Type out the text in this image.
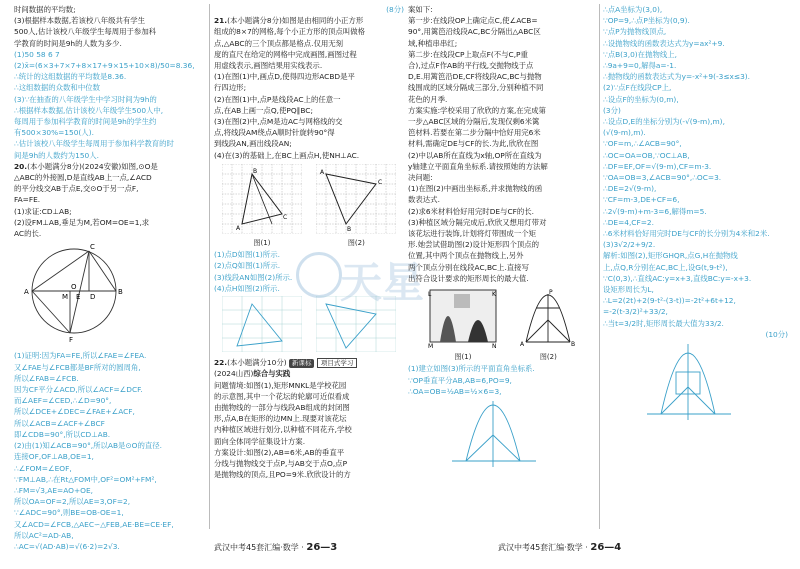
天星
时间数据的平均数;
(3)根据样本数据,若该校八年级共有学生
500人,估计该校八年级学生每周用于参加科
学教育的时间是9h的人数为多少.
(1)50 58 6 7
(2)x̄=(6×3+7×7+8×17+9×15+10×8)/50=8.36,
∴统计的这组数据的平均数是8.36.
∴这组数据的众数和中位数
(3)∵在抽查的八年级学生中学习时间为9h的
∴根据样本数据,估计该校八年级学生500人中,
每周用于参加科学教育的时间是9h的学生约
有500×30%=150(人).
∴估计该校八年级学生每周用于参加科学教育的时
间是9h的人数约为150人.
20.(本小题满分8分)(2024安徽)如图,⊙O是
△ABC的外接圆,D是直线AB上一点,∠ACD
的平分线交AB于点E,交⊙O于另一点F,
FA=FE.
(1)求证:CD⊥AB;
(2)设FM⊥AB,垂足为M,若OM=OE=1,求
AC的长.
A	B
C
D
E
M
O
F
(1)证明:因为FA=FE,所以∠FAE=∠FEA.
又∠FAE与∠FCB都是BF所对的圆周角,
所以∠FAB=∠FCB.
因为CF平分∠ACD,所以∠ACF=∠DCF.
而∠AEF=∠CED,∴∠D=90°,
所以∠DCE+∠DEC=∠FAE+∠ACF,
所以∠ACB=∠ACF+∠BCF
即∠CDB=90°,所以CD⊥AB.
(2)由(1)知∠ACB=90°,所以AB是⊙O的直径.
连接OF,OF⊥AB,OE=1,
∴∠FOM=∠EOF,
∵FM⊥AB,∴在Rt△FOM中,OF²=OM²+FM²,
∴FM=√3,AE=AO+OE,
所以OA=OF=2,所以AE=3,OF=2,
∵∠ADC=90°,则BE=OB-OE=1,
又∠ACD=∠FCB,△AEC∽△FEB,AE·BE=CE·EF,
所以AC²=AD·AB,
∴AC=√(AD·AB)=√(6·2)=2√3.
(8分)
21.(本小题满分8分)如图是由相同的小正方形
组成的8×7的网格,每个小正方形的顶点叫做格
点,△ABC的三个顶点都是格点.仅用无刻
度的直尺在给定的网格中完成画图,画图过程
用虚线表示,画图结果用实线表示.
(1)在图(1)中,画点D,使得四边形ACBD是平
行四边形;
(2)在图(1)中,点P是线段AC上的任意一
点,在AB上画一点Q,使PQ∥BC;
(3)在图(2)中,点M是边AC与网格线的交
点,将线段AM绕点A顺时针旋转90°得
到线段AN,画出线段AN;
(4)在(3)的基础上,在BC上画点H,使NH⊥AC.
A
B
C
图(1)

A
C
B
图(2)
(1)点D如图(1)所示.
(2)点Q如图(1)所示.
(3)线段AN如图(2)所示.
(4)点H如图(2)所示.

22.(本小题满分10分) 新课标 项目式学习
(2024山西)综合与实践
问题情境:如图(1),矩形MNKL是学校花园
的示意图,其中一个花坛的轮廓可近似看成
由抛物线的一部分与线段AB组成的封闭图
形,点A,B在矩形的边MN上.现要对该花坛
内种植区域进行划分,以种植不同花卉,学校
面向全体同学征集设计方案.
方案设计:如图(2),AB=6米,AB的垂直平
分线与抛物线交于点P,与AB交于点O,点P
是抛物线的顶点,且PO=9米.欣欣设计的方
案如下:
第一步:在线段OP上确定点C,使∠ACB=
90°,用篱笆沿线段AC,BC分隔出△ABC区
域,种植串串红;
第二步:在线段CP上取点F(不与C,P重
合),过点F作AB的平行线,交抛物线于点
D,E.用篱笆沿DE,CF将线段AC,BC与抛物
线围成的区域分隔成三部分,分别种植不同
花色的月季.
方案实施:学校采用了欣欣的方案,在完成第
一步△ABC区域的分隔后,发现仅剩6米篱
笆材料.若要在第二步分隔中恰好用完6米
材料,需确定DE与CF的长.为此,欣欣在图
(2)中以AB所在直线为x轴,OP所在直线为
y轴建立平面直角坐标系.请按照她的方法解
决问题:
(1)在图(2)中画出坐标系,并求抛物线的函
数表达式.
(2)求6米材料恰好用完时DE与CF的长.
(3)种植区域分隔完成后,欣欣又想用灯带对
该花坛进行装饰,计划将灯带围成一个矩
形.她尝试借助图(2)设计矩形四个顶点的
位置,其中两个顶点在抛物线上,另外
两个顶点分别在线段AC,BC上.直接写
出符合设计要求的矩形周长的最大值.
L	K
M	N
图(1)

P
A	B
图(2)
(1)建立如图(3)所示的平面直角坐标系.
∵OP垂直平分AB,AB=6,PO=9,
∴OA=OB=½AB=½×6=3,
∴点A坐标为(3,0),
∵OP=9,∴点P坐标为(0,9).
∵点P为抛物线顶点,
∴设抛物线的函数表达式为y=ax²+9.
∵点B(3,0)在抛物线上,
∴9a+9=0,解得a=-1.
∴抛物线的函数表达式为y=-x²+9(-3≤x≤3).
(2)∵点F在线段CP上,
∴设点F的坐标为(0,m),
(3分)
∴设点D,E的坐标分别为(-√(9-m),m),
(√(9-m),m).
∵OF=m,∴∠ACB=90°,
∴OC=OA=OB,∵OC⊥AB,
∴DF=EF,OF=√(9-m),CF=m-3.
∵OA=OB=3,∠ACB=90°,∴OC=3.
∴DE=2√(9-m),
∵CF=m-3,DE+CF=6,
∴2√(9-m)+m-3=6,解得m=5.
∴DE=4,CF=2.
∴6米材料恰好用完时DE与CF的长分别为4米和2米.
(3)3√2/2+9/2.
解析:如图(2),矩形GHQR,点G,H在抛物线
上,点Q,R分别在AC,BC上,设G(t,9-t²),
∵C(0,3),∴直线AC:y=x+3,直线BC:y=-x+3.
设矩形周长为L,
∴L=2(2t)+2(9-t²-(3-t))=-2t²+6t+12,
=-2(t-3/2)²+33/2,
∴当t=3/2时,矩形周长最大值为33/2.
(10分)
武汉中考45套汇编·数学 · 26—3	武汉中考45套汇编·数学 · 26—4
